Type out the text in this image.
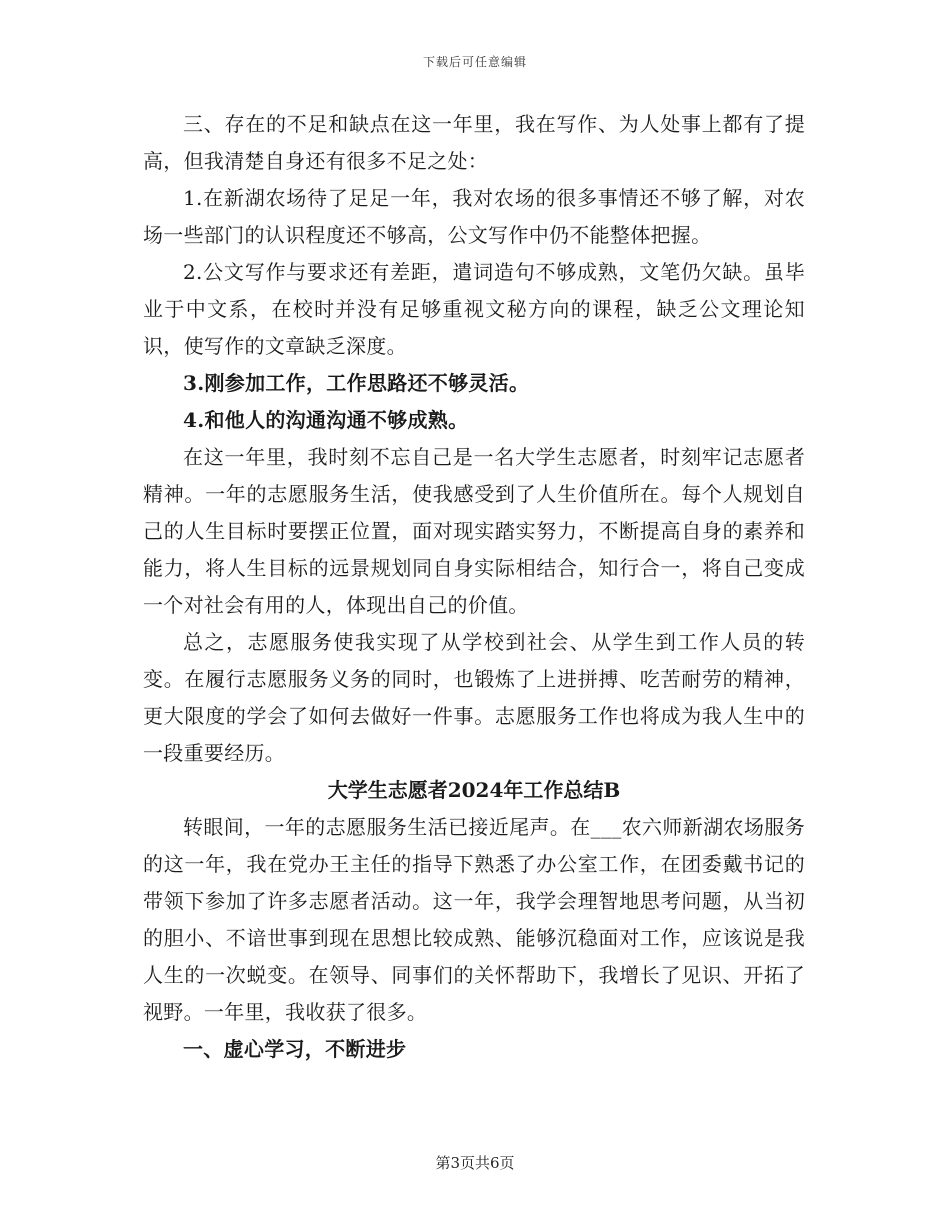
下载后可任意编辑

三、存在的不足和缺点在这一年里，我在写作、为人处事上都有了提高，但我清楚自身还有很多不足之处：

1.在新湖农场待了足足一年，我对农场的很多事情还不够了解，对农场一些部门的认识程度还不够高，公文写作中仍不能整体把握。

2.公文写作与要求还有差距，遣词造句不够成熟，文笔仍欠缺。虽毕业于中文系，在校时并没有足够重视文秘方向的课程，缺乏公文理论知识，使写作的文章缺乏深度。

3.刚参加工作，工作思路还不够灵活。

4.和他人的沟通沟通不够成熟。

在这一年里，我时刻不忘自己是一名大学生志愿者，时刻牢记志愿者精神。一年的志愿服务生活，使我感受到了人生价值所在。每个人规划自己的人生目标时要摆正位置，面对现实踏实努力，不断提高自身的素养和能力，将人生目标的远景规划同自身实际相结合，知行合一，将自己变成一个对社会有用的人，体现出自己的价值。

总之，志愿服务使我实现了从学校到社会、从学生到工作人员的转变。在履行志愿服务义务的同时，也锻炼了上进拼搏、吃苦耐劳的精神，更大限度的学会了如何去做好一件事。志愿服务工作也将成为我人生中的一段重要经历。

大学生志愿者2024年工作总结B

转眼间，一年的志愿服务生活已接近尾声。在___农六师新湖农场服务的这一年，我在党办王主任的指导下熟悉了办公室工作，在团委戴书记的带领下参加了许多志愿者活动。这一年，我学会理智地思考问题，从当初的胆小、不谙世事到现在思想比较成熟、能够沉稳面对工作，应该说是我人生的一次蜕变。在领导、同事们的关怀帮助下，我增长了见识、开拓了视野。一年里，我收获了很多。

一、虚心学习，不断进步

第3页共6页
